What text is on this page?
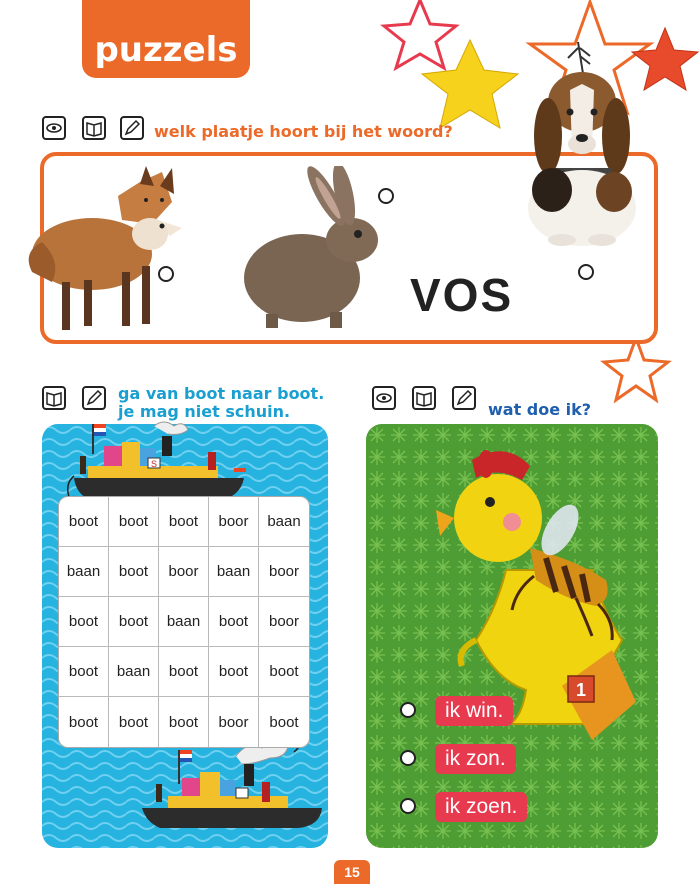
puzzels
welk plaatje hoort bij het woord?
VOS
ga van boot naar boot.
je mag niet schuin.
S
boot	boot	boot	boor	baan
baan	boot	boor	baan	boor
boot	boot	baan	boot	boor
boot	baan	boot	boot	boot
boot	boot	boot	boor	boot
wat doe ik?
1
ik win.
ik zon.
ik zoen.
15
